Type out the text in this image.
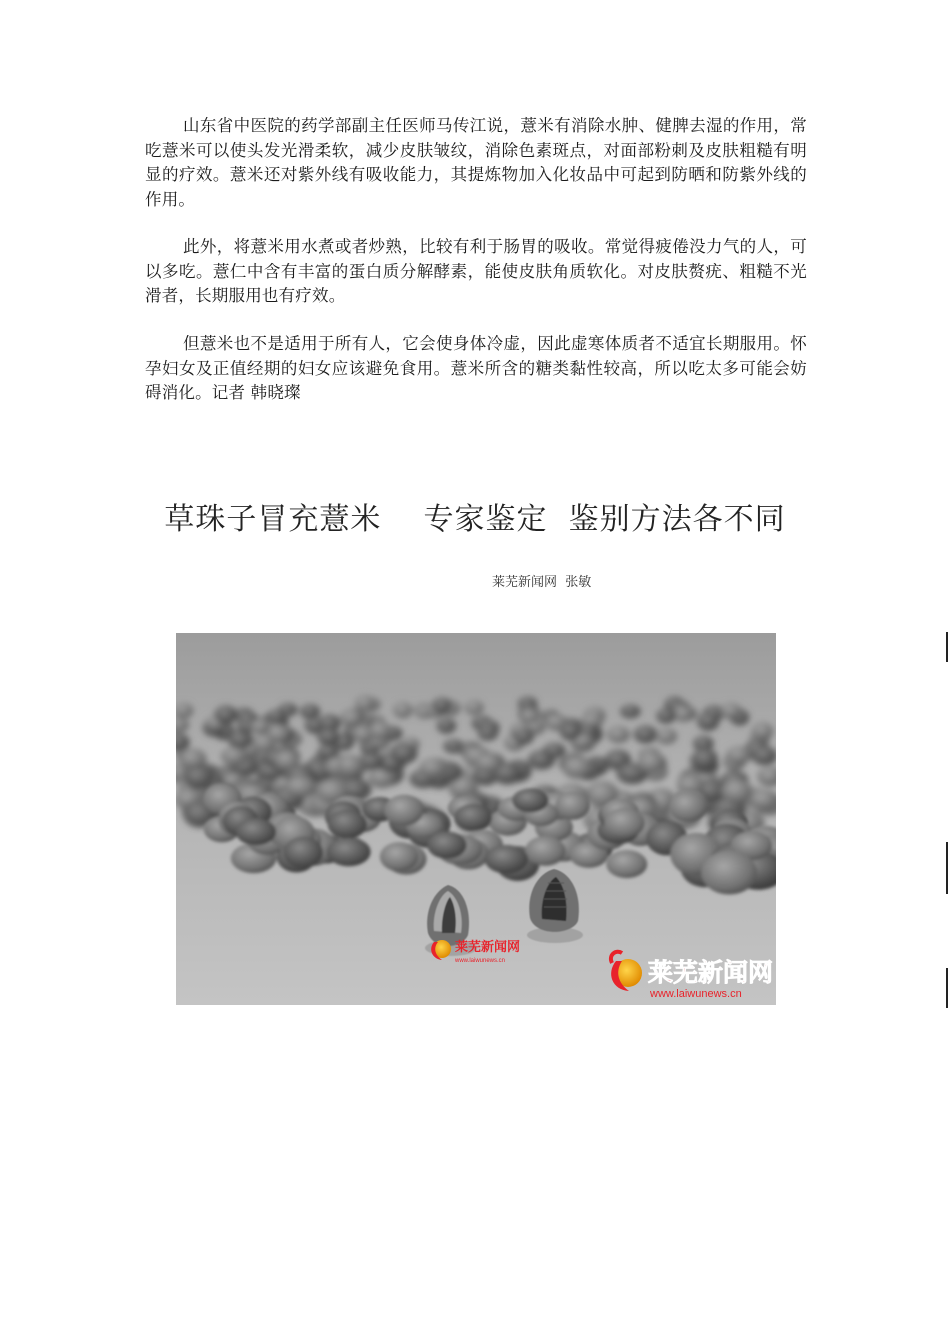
山东省中医院的药学部副主任医师马传江说，薏米有消除水肿、健脾去湿的作用，常吃薏米可以使头发光滑柔软，减少皮肤皱纹，消除色素斑点，对面部粉刺及皮肤粗糙有明显的疗效。薏米还对紫外线有吸收能力，其提炼物加入化妆品中可起到防晒和防紫外线的作用。

此外，将薏米用水煮或者炒熟，比较有利于肠胃的吸收。常觉得疲倦没力气的人，可以多吃。薏仁中含有丰富的蛋白质分解酵素，能使皮肤角质软化。对皮肤赘疣、粗糙不光滑者，长期服用也有疗效。

但薏米也不是适用于所有人，它会使身体冷虚，因此虚寒体质者不适宜长期服用。怀孕妇女及正值经期的妇女应该避免食用。薏米所含的糖类黏性较高，所以吃太多可能会妨碍消化。记者 韩晓璨

草珠子冒充薏米    专家鉴定  鉴别方法各不同
莱芜新闻网  张敏
莱芜新闻网
www.laiwunews.cn	莱芜新闻网
www.laiwunews.cn
